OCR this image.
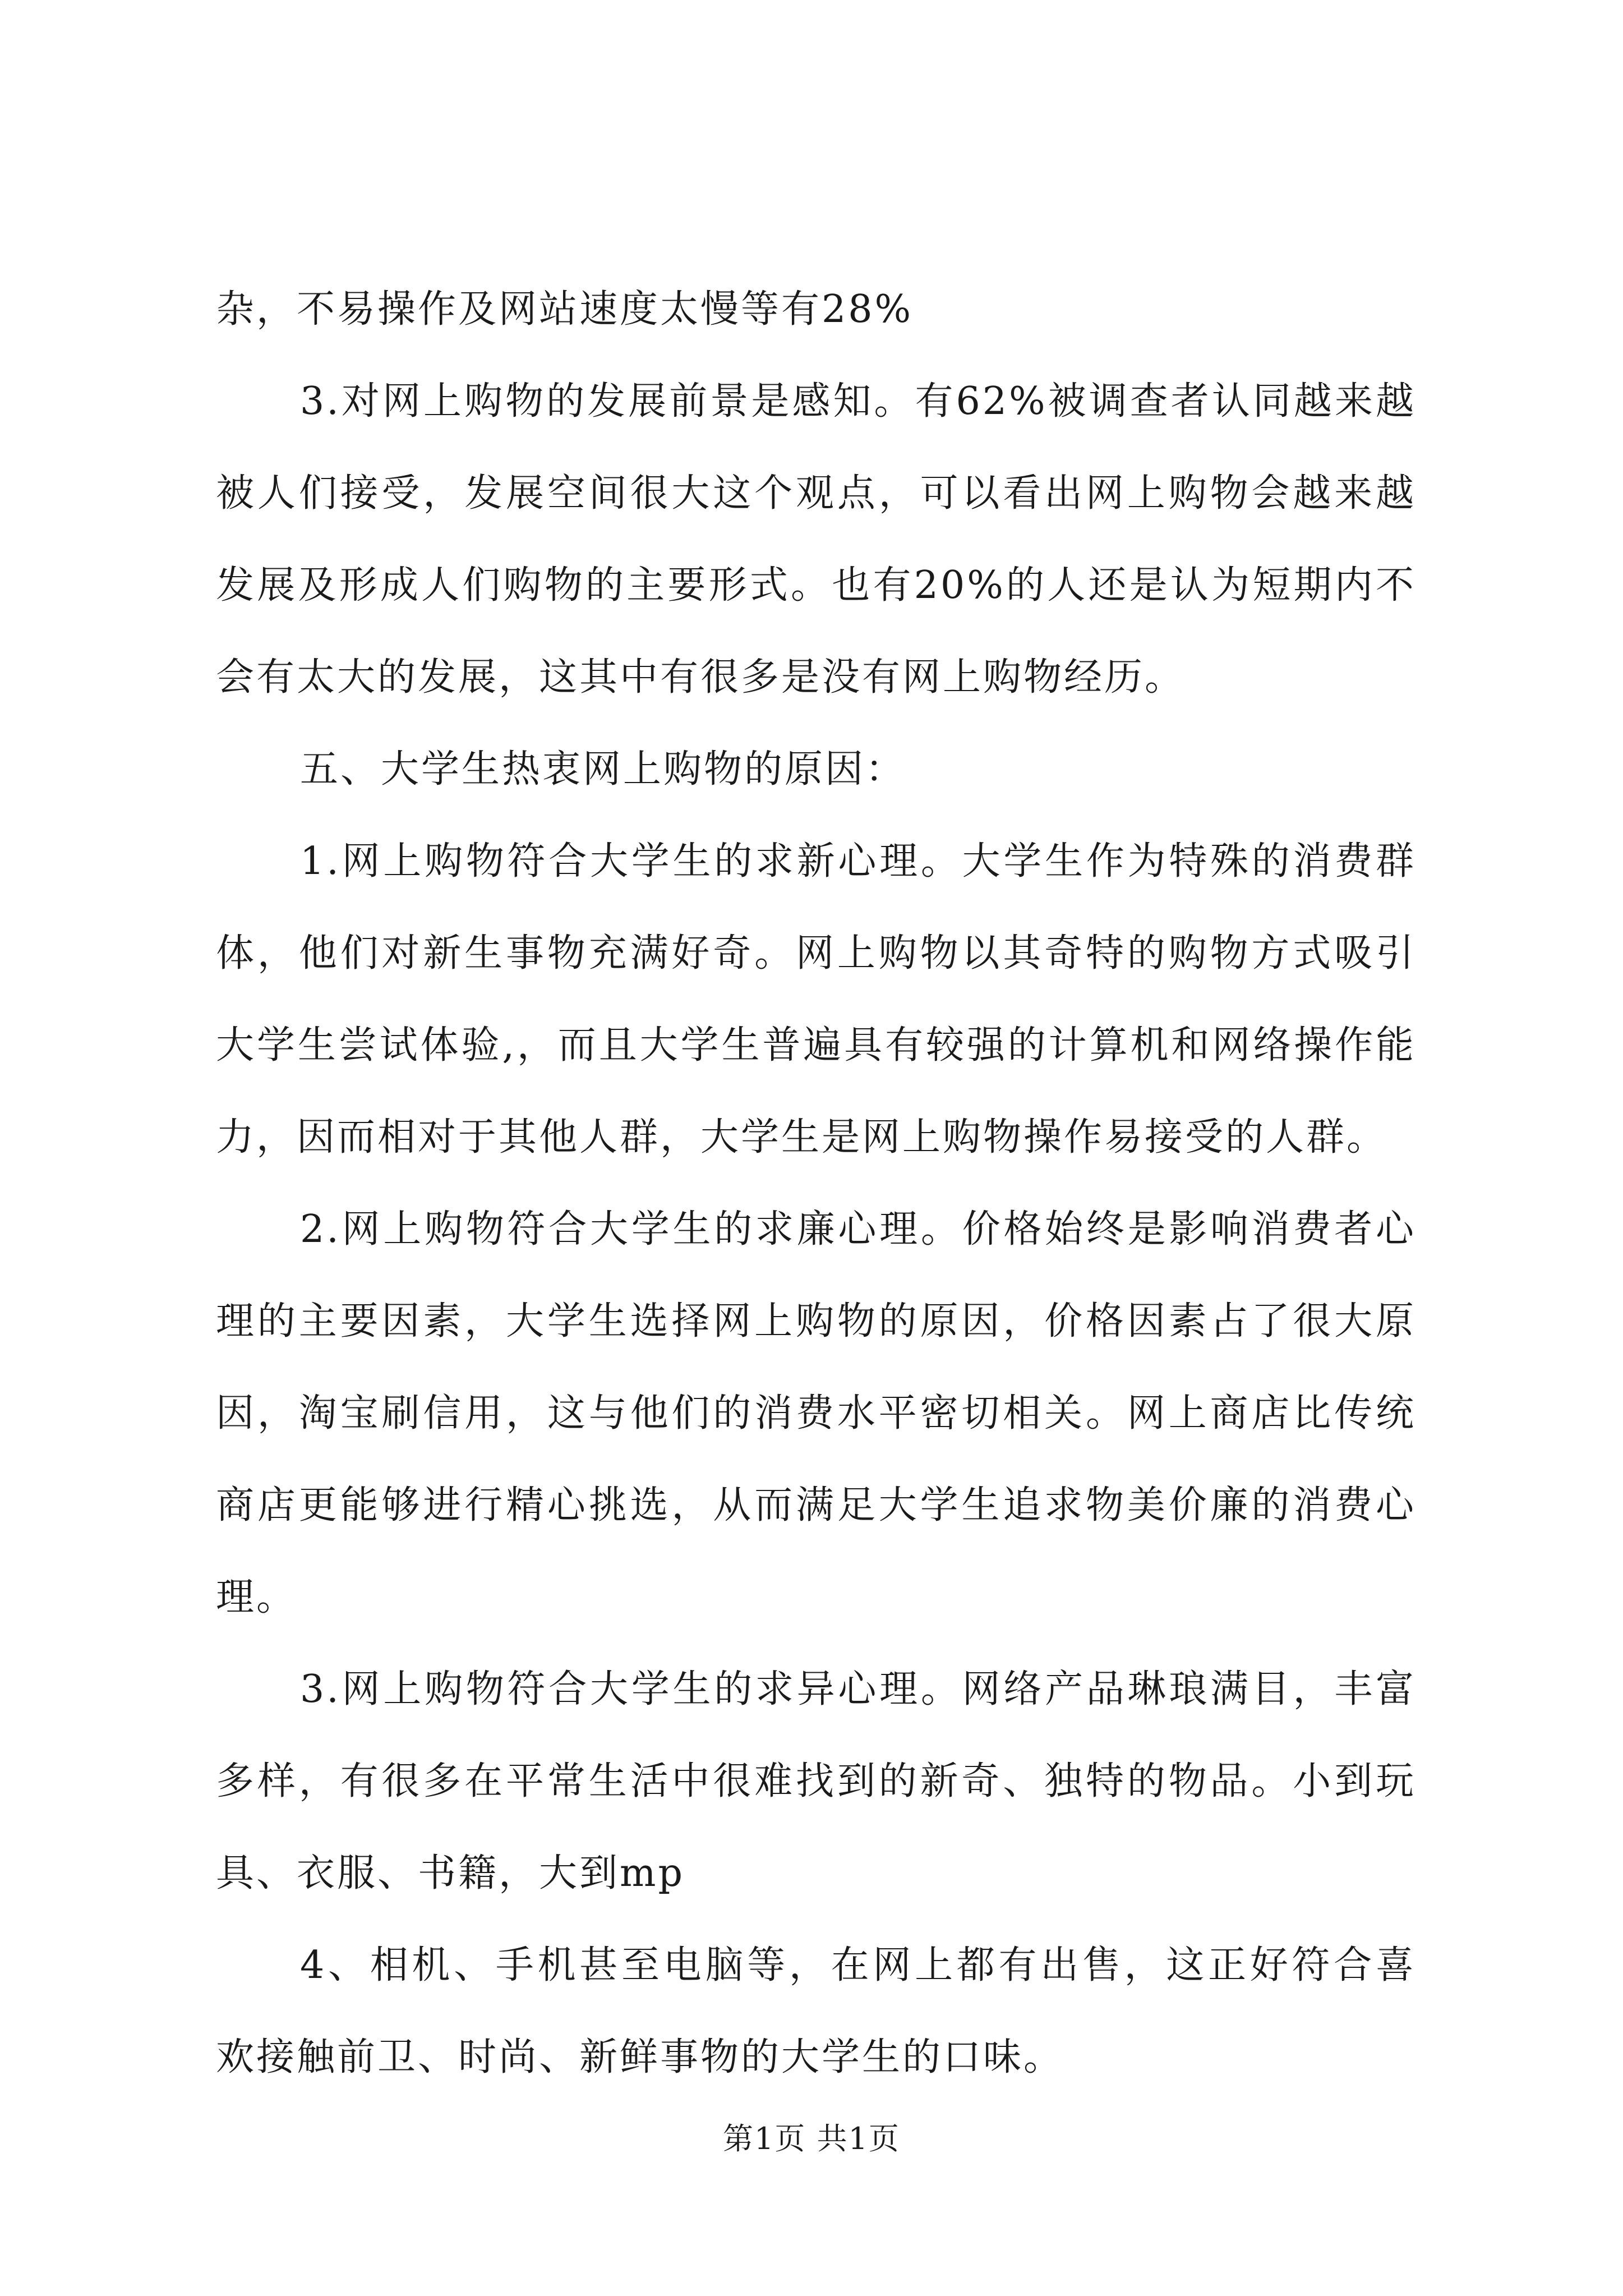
杂，不易操作及网站速度太慢等有28%

3.对网上购物的发展前景是感知。有62%被调查者认同越来越被人们接受，发展空间很大这个观点，可以看出网上购物会越来越发展及形成人们购物的主要形式。也有20%的人还是认为短期内不会有太大的发展，这其中有很多是没有网上购物经历。

五、大学生热衷网上购物的原因：

1.网上购物符合大学生的求新心理。大学生作为特殊的消费群体，他们对新生事物充满好奇。网上购物以其奇特的购物方式吸引大学生尝试体验,，而且大学生普遍具有较强的计算机和网络操作能力，因而相对于其他人群，大学生是网上购物操作易接受的人群。

2.网上购物符合大学生的求廉心理。价格始终是影响消费者心理的主要因素，大学生选择网上购物的原因，价格因素占了很大原因，淘宝刷信用，这与他们的消费水平密切相关。网上商店比传统商店更能够进行精心挑选，从而满足大学生追求物美价廉的消费心理。

3.网上购物符合大学生的求异心理。网络产品琳琅满目，丰富多样，有很多在平常生活中很难找到的新奇、独特的物品。小到玩具、衣服、书籍，大到mp

4、相机、手机甚至电脑等，在网上都有出售，这正好符合喜欢接触前卫、时尚、新鲜事物的大学生的口味。

第1页 共1页
